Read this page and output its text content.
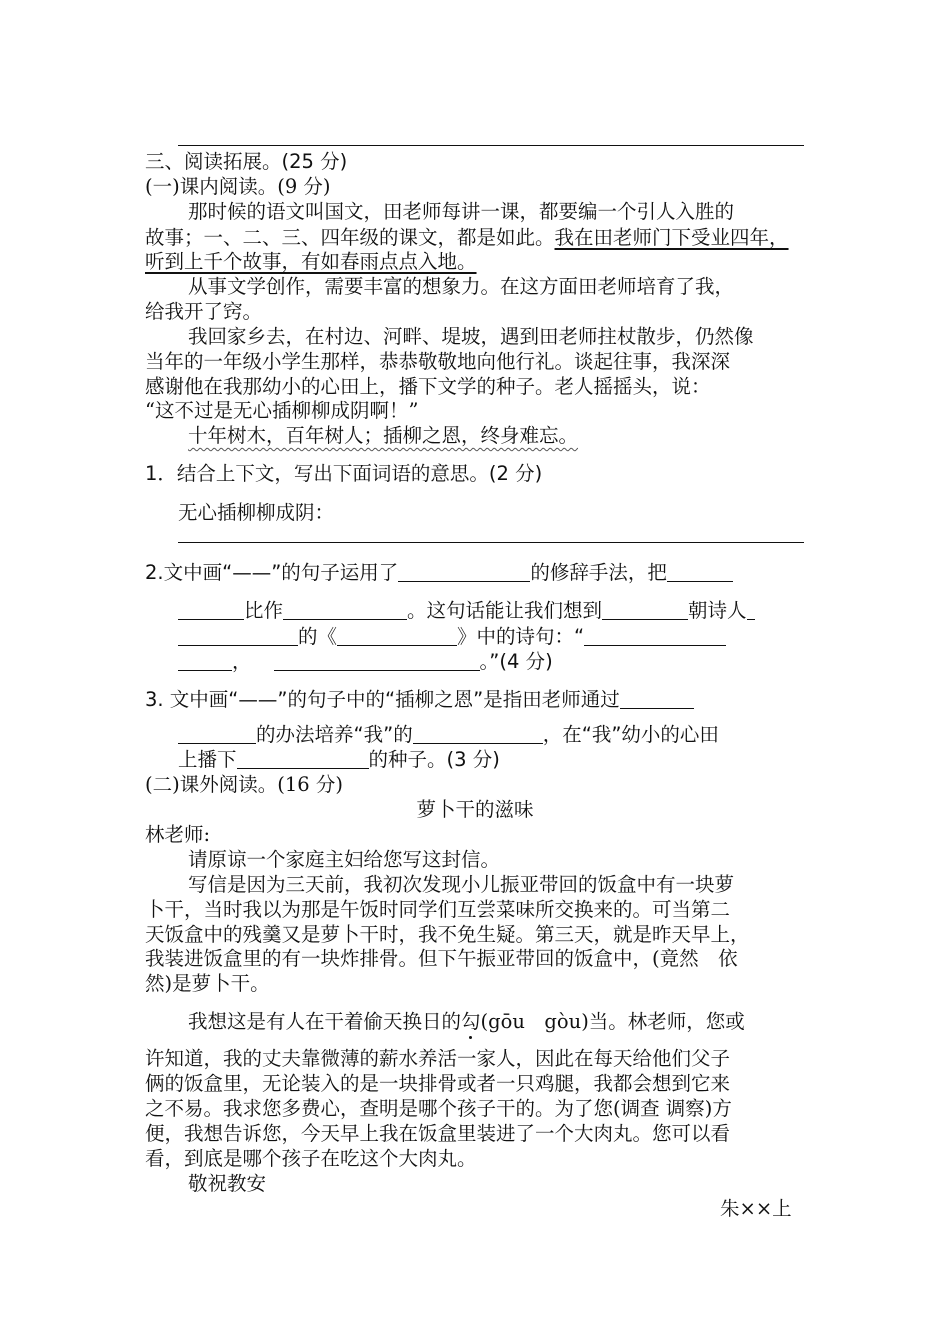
三、阅读拓展。(25 分)
(一)课内阅读。(9 分)
那时候的语文叫国文，田老师每讲一课，都要编一个引人入胜的
故事；一、二、三、四年级的课文，都是如此。我在田老师门下受业四年，
听到上千个故事，有如春雨点点入地。
从事文学创作，需要丰富的想象力。在这方面田老师培育了我，
给我开了窍。
我回家乡去，在村边、河畔、堤坡，遇到田老师拄杖散步，仍然像
当年的一年级小学生那样，恭恭敬敬地向他行礼。谈起往事，我深深
感谢他在我那幼小的心田上，播下文学的种子。老人摇摇头，说：
“这不过是无心插柳柳成阴啊！”
十年树木，百年树人；插柳之恩，终身难忘。
1．结合上下文，写出下面词语的意思。(2 分)
无心插柳柳成阴：
2.文中画“——”的句子运用了	的修辞手法，把
比作	。这句话能让我们想到	朝诗人
的《	》中的诗句：“
，	。”(4 分)
3. 文中画“——”的句子中的“插柳之恩”是指田老师通过
的办法培养“我”的	，在“我”幼小的心田
上播下	的种子。(3 分)
(二)课外阅读。(16 分)
萝卜干的滋味
林老师:
请原谅一个家庭主妇给您写这封信。
写信是因为三天前，我初次发现小儿振亚带回的饭盒中有一块萝
卜干，当时我以为那是午饭时同学们互尝菜味所交换来的。可当第二
天饭盒中的残羹又是萝卜干时，我不免生疑。第三天，就是昨天早上，
我装进饭盒里的有一块炸排骨。但下午振亚带回的饭盒中，(竟然　依
然)是萝卜干。
我想这是有人在干着偷天换日的勾(gōu　gòu)当。林老师，您或
许知道，我的丈夫靠微薄的薪水养活一家人，因此在每天给他们父子
俩的饭盒里，无论装入的是一块排骨或者一只鸡腿，我都会想到它来
之不易。我求您多费心，查明是哪个孩子干的。为了您(调查 调察)方
便，我想告诉您，今天早上我在饭盒里装进了一个大肉丸。您可以看
看，到底是哪个孩子在吃这个大肉丸。
敬祝教安
朱××上
